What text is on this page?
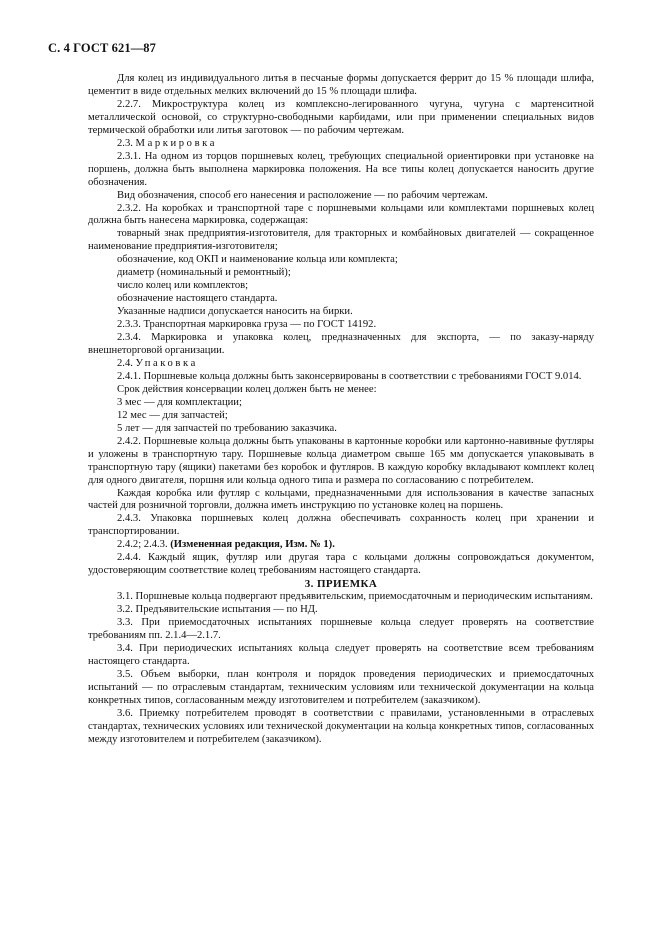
С. 4 ГОСТ 621—87

Для колец из индивидуального литья в песчаные формы допускается феррит до 15 % площади шлифа, цементит в виде отдельных мелких включений до 15 % площади шлифа.

2.2.7. Микроструктура колец из комплексно-легированного чугуна, чугуна с мартенситной металлической основой, со структурно-свободными карбидами, или при применении специальных видов термической обработки или литья заготовок — по рабочим чертежам.

2.3. Маркировка

2.3.1. На одном из торцов поршневых колец, требующих специальной ориентировки при установке на поршень, должна быть выполнена маркировка положения. На все типы колец допускается наносить другие обозначения.

Вид обозначения, способ его нанесения и расположение — по рабочим чертежам.

2.3.2. На коробках и транспортной таре с поршневыми кольцами или комплектами поршневых колец должна быть нанесена маркировка, содержащая:

товарный знак предприятия-изготовителя, для тракторных и комбайновых двигателей — сокращенное наименование предприятия-изготовителя;

обозначение, код ОКП и наименование кольца или комплекта;

диаметр (номинальный и ремонтный);

число колец или комплектов;

обозначение настоящего стандарта.

Указанные надписи допускается наносить на бирки.

2.3.3. Транспортная маркировка груза — по ГОСТ 14192.

2.3.4. Маркировка и упаковка колец, предназначенных для экспорта, — по заказу-наряду внешнеторговой организации.

2.4. Упаковка

2.4.1. Поршневые кольца должны быть законсервированы в соответствии с требованиями ГОСТ 9.014.

Срок действия консервации колец должен быть не менее:

3 мес — для комплектации;

12 мес — для запчастей;

5 лет — для запчастей по требованию заказчика.

2.4.2. Поршневые кольца должны быть упакованы в картонные коробки или картонно-навивные футляры и уложены в транспортную тару. Поршневые кольца диаметром свыше 165 мм допускается упаковывать в транспортную тару (ящики) пакетами без коробок и футляров. В каждую коробку вкладывают комплект колец для одного двигателя, поршня или кольца одного типа и размера по согласованию с потребителем.

Каждая коробка или футляр с кольцами, предназначенными для использования в качестве запасных частей для розничной торговли, должна иметь инструкцию по установке колец на поршень.

2.4.3. Упаковка поршневых колец должна обеспечивать сохранность колец при хранении и транспортировании.

2.4.2; 2.4.3. (Измененная редакция, Изм. № 1).

2.4.4. Каждый ящик, футляр или другая тара с кольцами должны сопровождаться документом, удостоверяющим соответствие колец требованиям настоящего стандарта.

3. ПРИЕМКА

3.1. Поршневые кольца подвергают предъявительским, приемосдаточным и периодическим испытаниям.

3.2. Предъявительские испытания — по НД.

3.3. При приемосдаточных испытаниях поршневые кольца следует проверять на соответствие требованиям пп. 2.1.4—2.1.7.

3.4. При периодических испытаниях кольца следует проверять на соответствие всем требованиям настоящего стандарта.

3.5. Объем выборки, план контроля и порядок проведения периодических и приемосдаточных испытаний — по отраслевым стандартам, техническим условиям или технической документации на кольца конкретных типов, согласованным между изготовителем и потребителем (заказчиком).

3.6. Приемку потребителем проводят в соответствии с правилами, установленными в отраслевых стандартах, технических условиях или технической документации на кольца конкретных типов, согласованных между изготовителем и потребителем (заказчиком).
